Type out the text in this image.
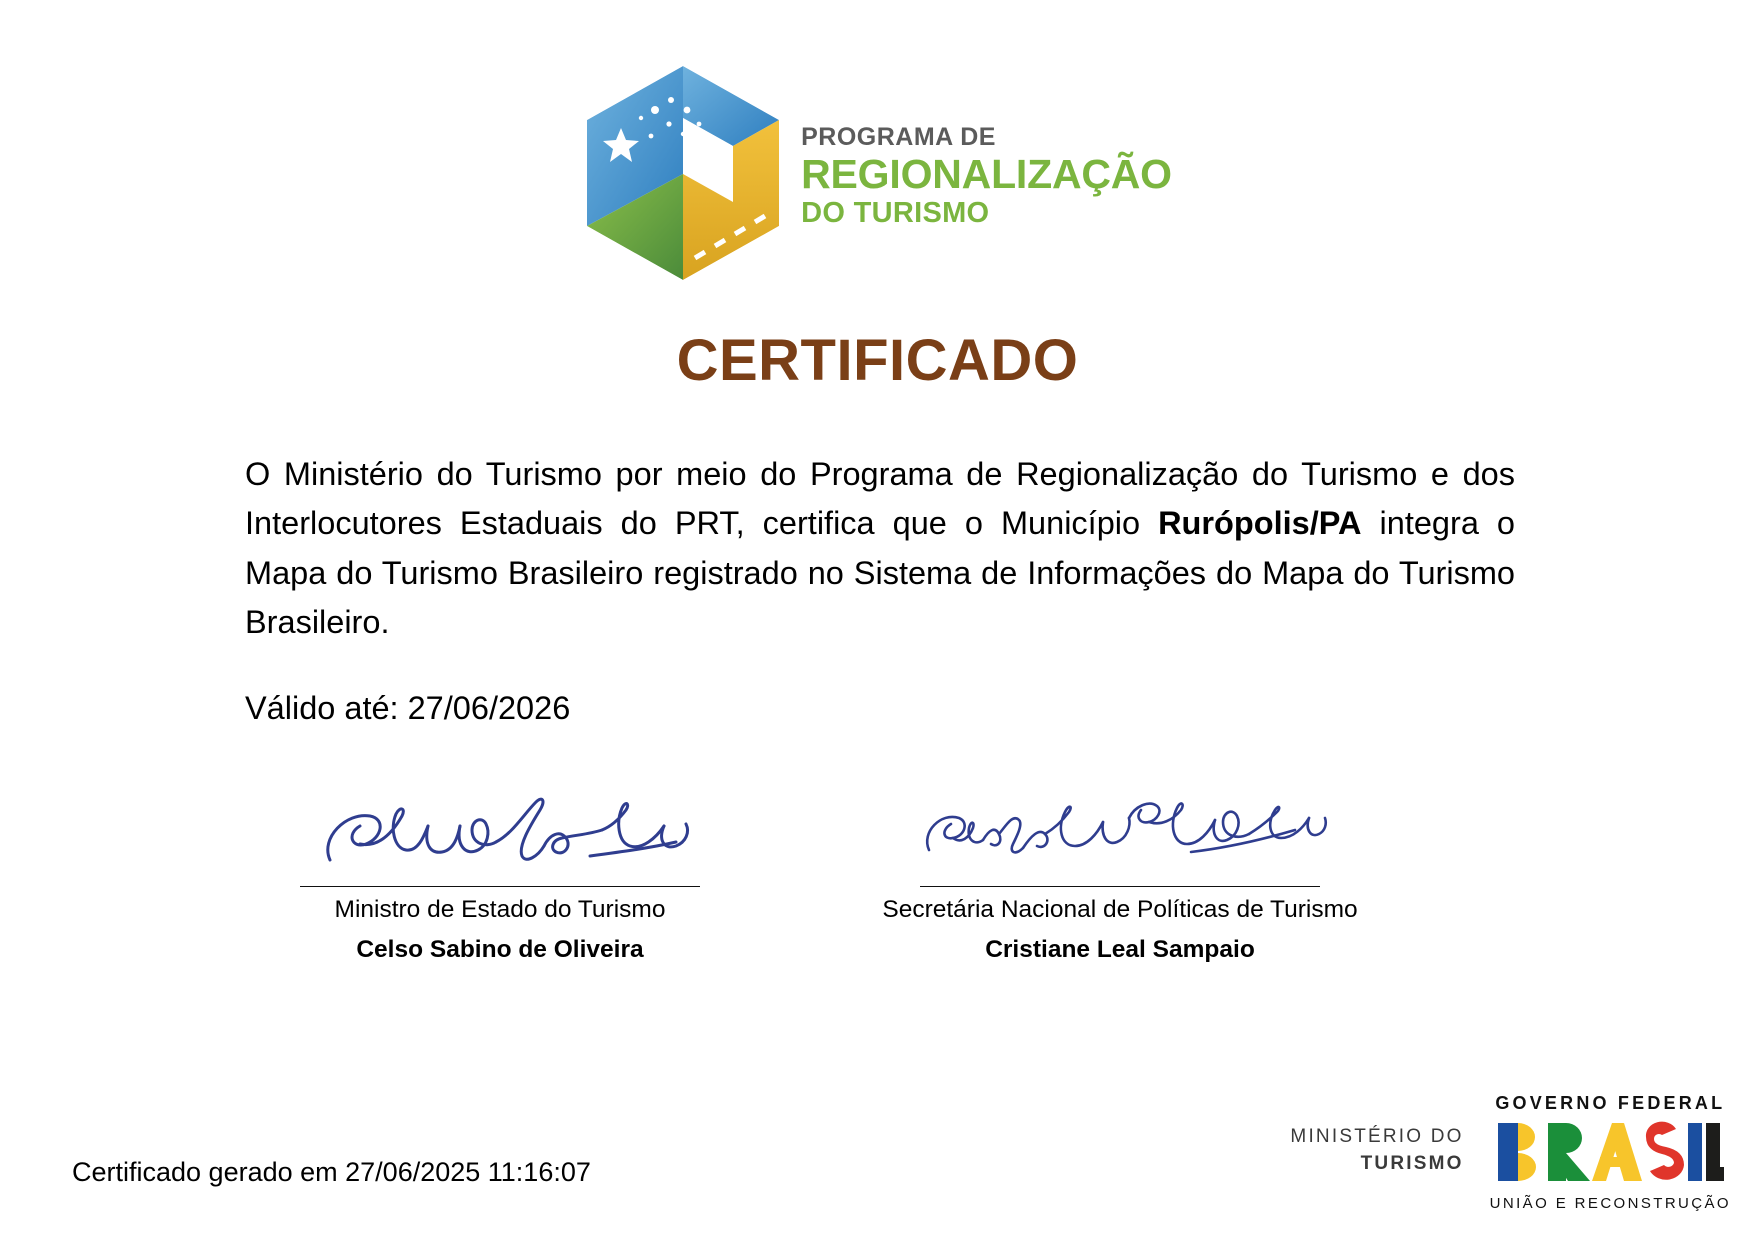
PROGRAMA DE
REGIONALIZAÇÃO
DO TURISMO
CERTIFICADO
O Ministério do Turismo por meio do Programa de Regionalização do Turismo e dos Interlocutores Estaduais do PRT, certifica que o Município Rurópolis/PA integra o Mapa do Turismo Brasileiro registrado no Sistema de Informações do Mapa do Turismo Brasileiro.
Válido até: 27/06/2026
Ministro de Estado do Turismo
Celso Sabino de Oliveira
Secretária Nacional de Políticas de Turismo
Cristiane Leal Sampaio
Certificado gerado em 27/06/2025 11:16:07
MINISTÉRIO DO
TURISMO
GOVERNO FEDERAL
UNIÃO E RECONSTRUÇÃO
